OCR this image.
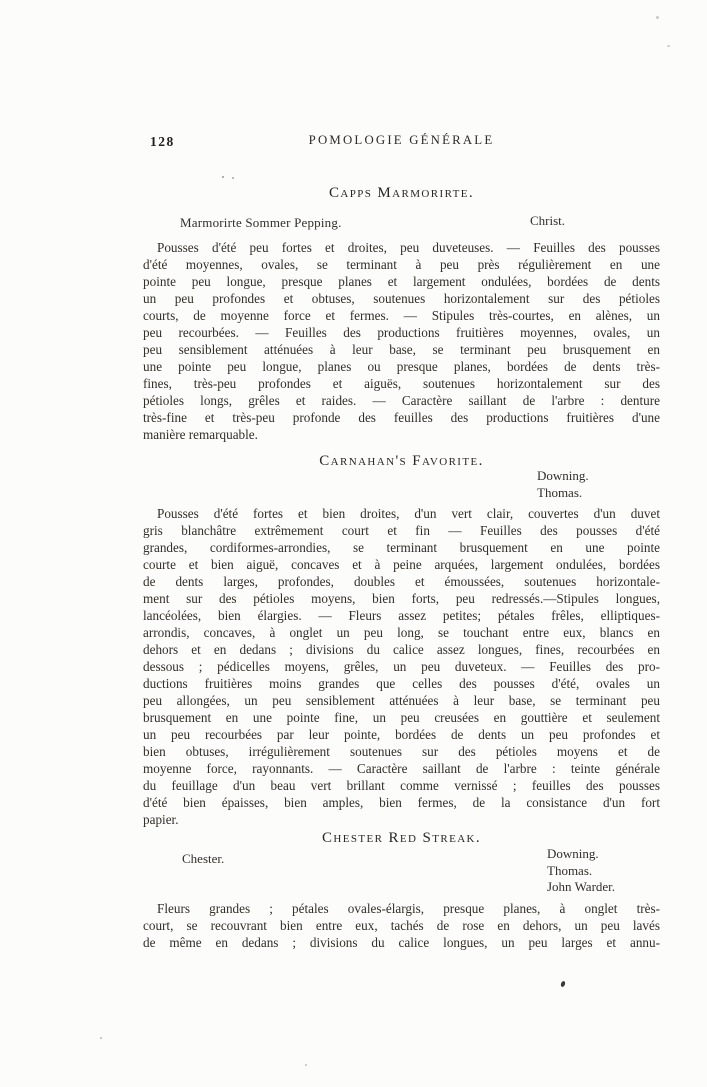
128	POMOLOGIE GÉNÉRALE
Capps Marmorirte.
Marmorirte Sommer Pepping.	Christ.
Pousses d'été peu fortes et droites, peu duveteuses. — Feuilles des pousses
d'été moyennes, ovales, se terminant à peu près régulièrement en une
pointe peu longue, presque planes et largement ondulées, bordées de dents
un peu profondes et obtuses, soutenues horizontalement sur des pétioles
courts, de moyenne force et fermes. — Stipules très-courtes, en alènes, un
peu recourbées. — Feuilles des productions fruitières moyennes, ovales, un
peu sensiblement atténuées à leur base, se terminant peu brusquement en
une pointe peu longue, planes ou presque planes, bordées de dents très-
fines, très-peu profondes et aiguës, soutenues horizontalement sur des
pétioles longs, grêles et raides. — Caractère saillant de l'arbre : denture
très-fine et très-peu profonde des feuilles des productions fruitières d'une
manière remarquable.
Carnahan's Favorite.
Downing.
Thomas.
Pousses d'été fortes et bien droites, d'un vert clair, couvertes d'un duvet
gris blanchâtre extrêmement court et fin — Feuilles des pousses d'été
grandes, cordiformes-arrondies, se terminant brusquement en une pointe
courte et bien aiguë, concaves et à peine arquées, largement ondulées, bordées
de dents larges, profondes, doubles et émoussées, soutenues horizontale-
ment sur des pétioles moyens, bien forts, peu redressés.—Stipules longues,
lancéolées, bien élargies. — Fleurs assez petites; pétales frêles, elliptiques-
arrondis, concaves, à onglet un peu long, se touchant entre eux, blancs en
dehors et en dedans ; divisions du calice assez longues, fines, recourbées en
dessous ; pédicelles moyens, grêles, un peu duveteux. — Feuilles des pro-
ductions fruitières moins grandes que celles des pousses d'été, ovales un
peu allongées, un peu sensiblement atténuées à leur base, se terminant peu
brusquement en une pointe fine, un peu creusées en gouttière et seulement
un peu recourbées par leur pointe, bordées de dents un peu profondes et
bien obtuses, irrégulièrement soutenues sur des pétioles moyens et de
moyenne force, rayonnants. — Caractère saillant de l'arbre : teinte générale
du feuillage d'un beau vert brillant comme vernissé ; feuilles des pousses
d'été bien épaisses, bien amples, bien fermes, de la consistance d'un fort
papier.
Chester Red Streak.
Chester.	Downing.
Thomas.
John Warder.
Fleurs grandes ; pétales ovales-élargis, presque planes, à onglet très-
court, se recouvrant bien entre eux, tachés de rose en dehors, un peu lavés
de même en dedans ; divisions du calice longues, un peu larges et annu-
